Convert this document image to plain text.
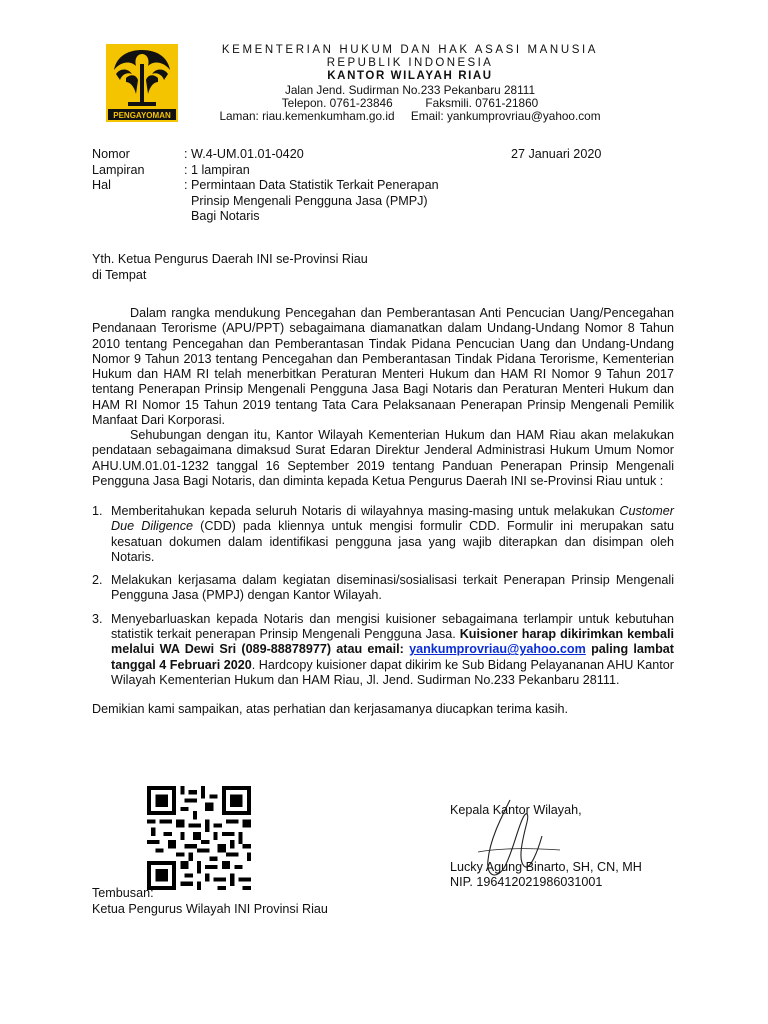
PENGAYOMAN
KEMENTERIAN HUKUM DAN HAK ASASI MANUSIA
REPUBLIK INDONESIA
KANTOR WILAYAH RIAU
Jalan Jend. Sudirman No.233 Pekanbaru 28111
Telepon. 0761-23846          Faksmili. 0761-21860
Laman: riau.kemenkumham.go.id     Email: yankumprovriau@yahoo.com
Nomor	: W.4-UM.01.01-0420
Lampiran	: 1 lampiran
Hal	: Permintaan Data Statistik Terkait Penerapan
Prinsip Mengenali Pengguna Jasa (PMPJ)
Bagi Notaris
27 Januari 2020
Yth. Ketua Pengurus Daerah INI se-Provinsi Riau
di Tempat

Dalam rangka mendukung Pencegahan dan Pemberantasan Anti Pencucian Uang/Pencegahan Pendanaan Terorisme (APU/PPT) sebagaimana diamanatkan dalam Undang-Undang Nomor 8 Tahun 2010 tentang Pencegahan dan Pemberantasan Tindak Pidana Pencucian Uang dan Undang-Undang Nomor 9 Tahun 2013 tentang Pencegahan dan Pemberantasan Tindak Pidana Terorisme, Kementerian Hukum dan HAM RI telah menerbitkan Peraturan Menteri Hukum dan HAM RI Nomor 9 Tahun 2017 tentang Penerapan Prinsip Mengenali Pengguna Jasa Bagi Notaris dan Peraturan Menteri Hukum dan HAM RI Nomor 15 Tahun 2019 tentang Tata Cara Pelaksanaan Penerapan Prinsip Mengenali Pemilik Manfaat Dari Korporasi.

Sehubungan dengan itu, Kantor Wilayah Kementerian Hukum dan HAM Riau akan melakukan pendataan sebagaimana dimaksud Surat Edaran Direktur Jenderal Administrasi Hukum Umum Nomor AHU.UM.01.01-1232 tanggal 16 September 2019 tentang Panduan Penerapan Prinsip Mengenali Pengguna Jasa Bagi Notaris, dan diminta kepada Ketua Pengurus Daerah INI se-Provinsi Riau untuk :

1. Memberitahukan kepada seluruh Notaris di wilayahnya masing-masing untuk melakukan Customer Due Diligence (CDD) pada kliennya untuk mengisi formulir CDD. Formulir ini merupakan satu kesatuan dokumen dalam identifikasi pengguna jasa yang wajib diterapkan dan disimpan oleh Notaris.
2. Melakukan kerjasama dalam kegiatan diseminasi/sosialisasi terkait Penerapan Prinsip Mengenali Pengguna Jasa (PMPJ) dengan Kantor Wilayah.
3. Menyebarluaskan kepada Notaris dan mengisi kuisioner sebagaimana terlampir untuk kebutuhan statistik terkait penerapan Prinsip Mengenali Pengguna Jasa. Kuisioner harap dikirimkan kembali melalui WA Dewi Sri (089-88878977) atau email: yankumprovriau@yahoo.com paling lambat tanggal 4 Februari 2020. Hardcopy kuisioner dapat dikirim ke Sub Bidang Pelayananan AHU Kantor Wilayah Kementerian Hukum dan HAM Riau, Jl. Jend. Sudirman No.233 Pekanbaru 28111.
Demikian kami sampaikan, atas perhatian dan kerjasamanya diucapkan terima kasih.
Kepala Kantor Wilayah,
Lucky Agung Binarto, SH, CN, MH
NIP. 196412021986031001
Tembusan:
Ketua Pengurus Wilayah INI Provinsi Riau
